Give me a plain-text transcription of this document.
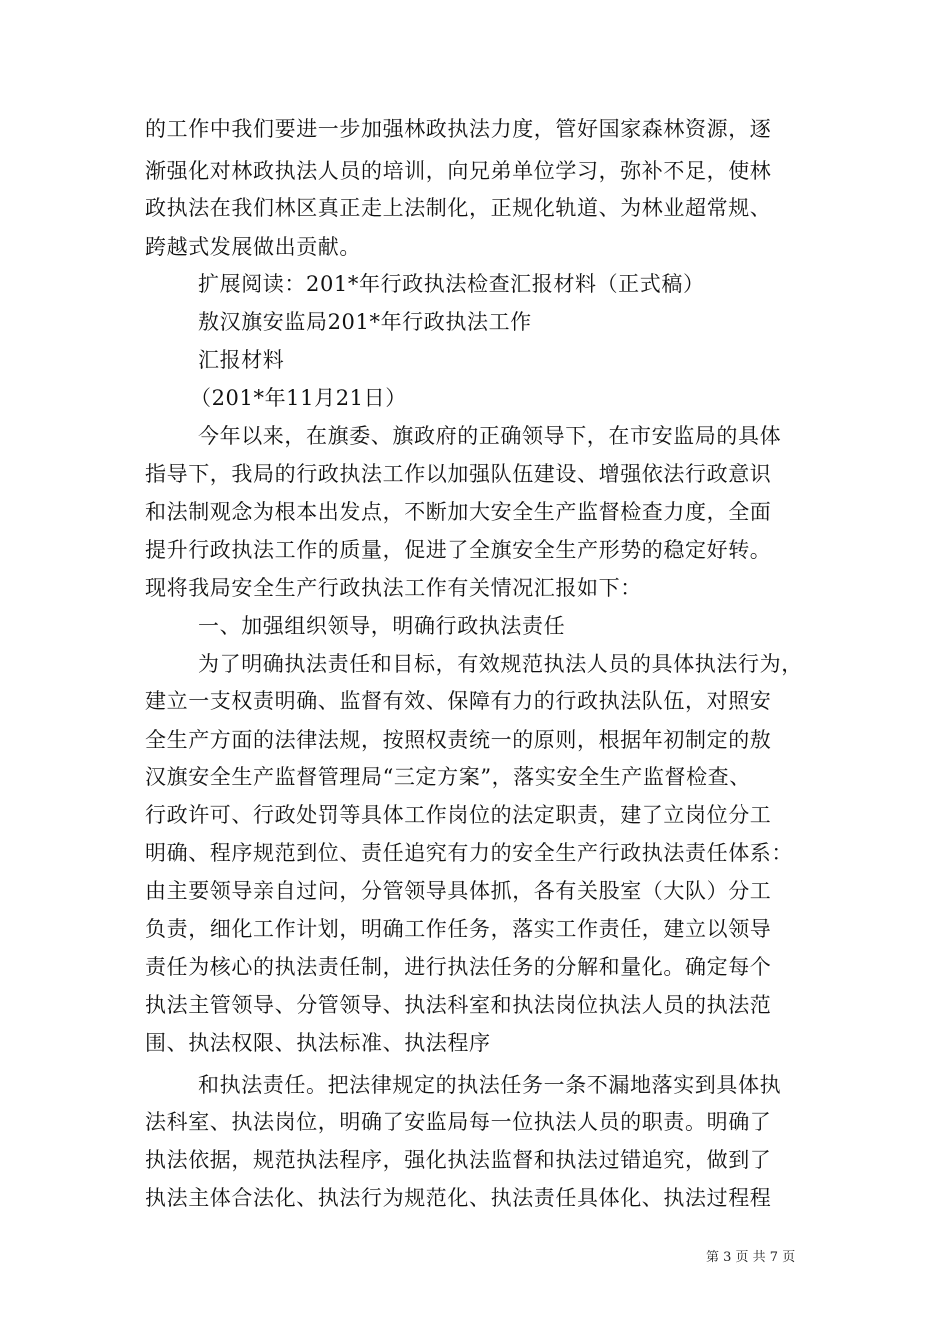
的工作中我们要进一步加强林政执法力度，管好国家森林资源，逐
渐强化对林政执法人员的培训，向兄弟单位学习，弥补不足，使林
政执法在我们林区真正走上法制化，正规化轨道、为林业超常规、
跨越式发展做出贡献。
扩展阅读：201*年行政执法检查汇报材料（正式稿）
敖汉旗安监局201*年行政执法工作
汇报材料
（201*年11月21日）
今年以来，在旗委、旗政府的正确领导下，在市安监局的具体
指导下，我局的行政执法工作以加强队伍建设、增强依法行政意识
和法制观念为根本出发点，不断加大安全生产监督检查力度，全面
提升行政执法工作的质量，促进了全旗安全生产形势的稳定好转。
现将我局安全生产行政执法工作有关情况汇报如下：
一、加强组织领导，明确行政执法责任
为了明确执法责任和目标，有效规范执法人员的具体执法行为，
建立一支权责明确、监督有效、保障有力的行政执法队伍，对照安
全生产方面的法律法规，按照权责统一的原则，根据年初制定的敖
汉旗安全生产监督管理局“三定方案”，落实安全生产监督检查、
行政许可、行政处罚等具体工作岗位的法定职责，建了立岗位分工
明确、程序规范到位、责任追究有力的安全生产行政执法责任体系：
由主要领导亲自过问，分管领导具体抓，各有关股室（大队）分工
负责，细化工作计划，明确工作任务，落实工作责任，建立以领导
责任为核心的执法责任制，进行执法任务的分解和量化。确定每个
执法主管领导、分管领导、执法科室和执法岗位执法人员的执法范
围、执法权限、执法标准、执法程序
和执法责任。把法律规定的执法任务一条不漏地落实到具体执
法科室、执法岗位，明确了安监局每一位执法人员的职责。明确了
执法依据，规范执法程序，强化执法监督和执法过错追究，做到了
执法主体合法化、执法行为规范化、执法责任具体化、执法过程程
第 3 页 共 7 页
